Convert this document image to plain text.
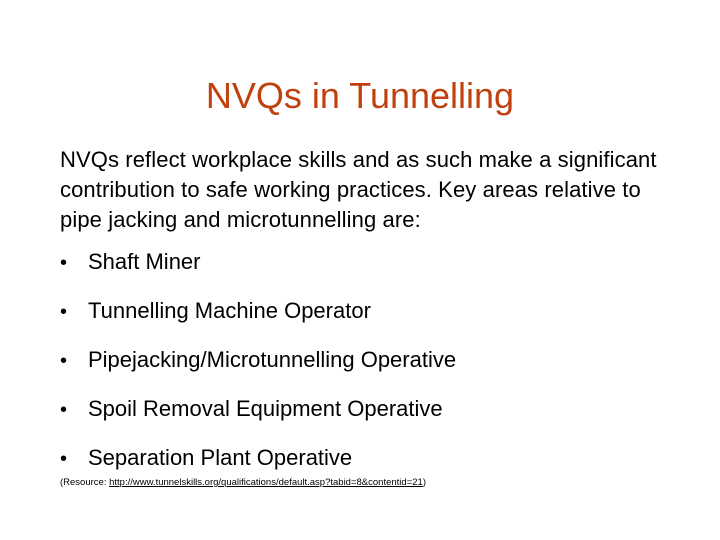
NVQs in Tunnelling

NVQs reflect workplace skills and as such make a significant contribution to safe working practices. Key areas relative to pipe jacking and microtunnelling are:

• Shaft Miner
• Tunnelling Machine Operator
• Pipejacking/Microtunnelling Operative
• Spoil Removal Equipment Operative
• Separation Plant Operative

(Resource: http://www.tunnelskills.org/qualifications/default.asp?tabid=8&contentid=21)
